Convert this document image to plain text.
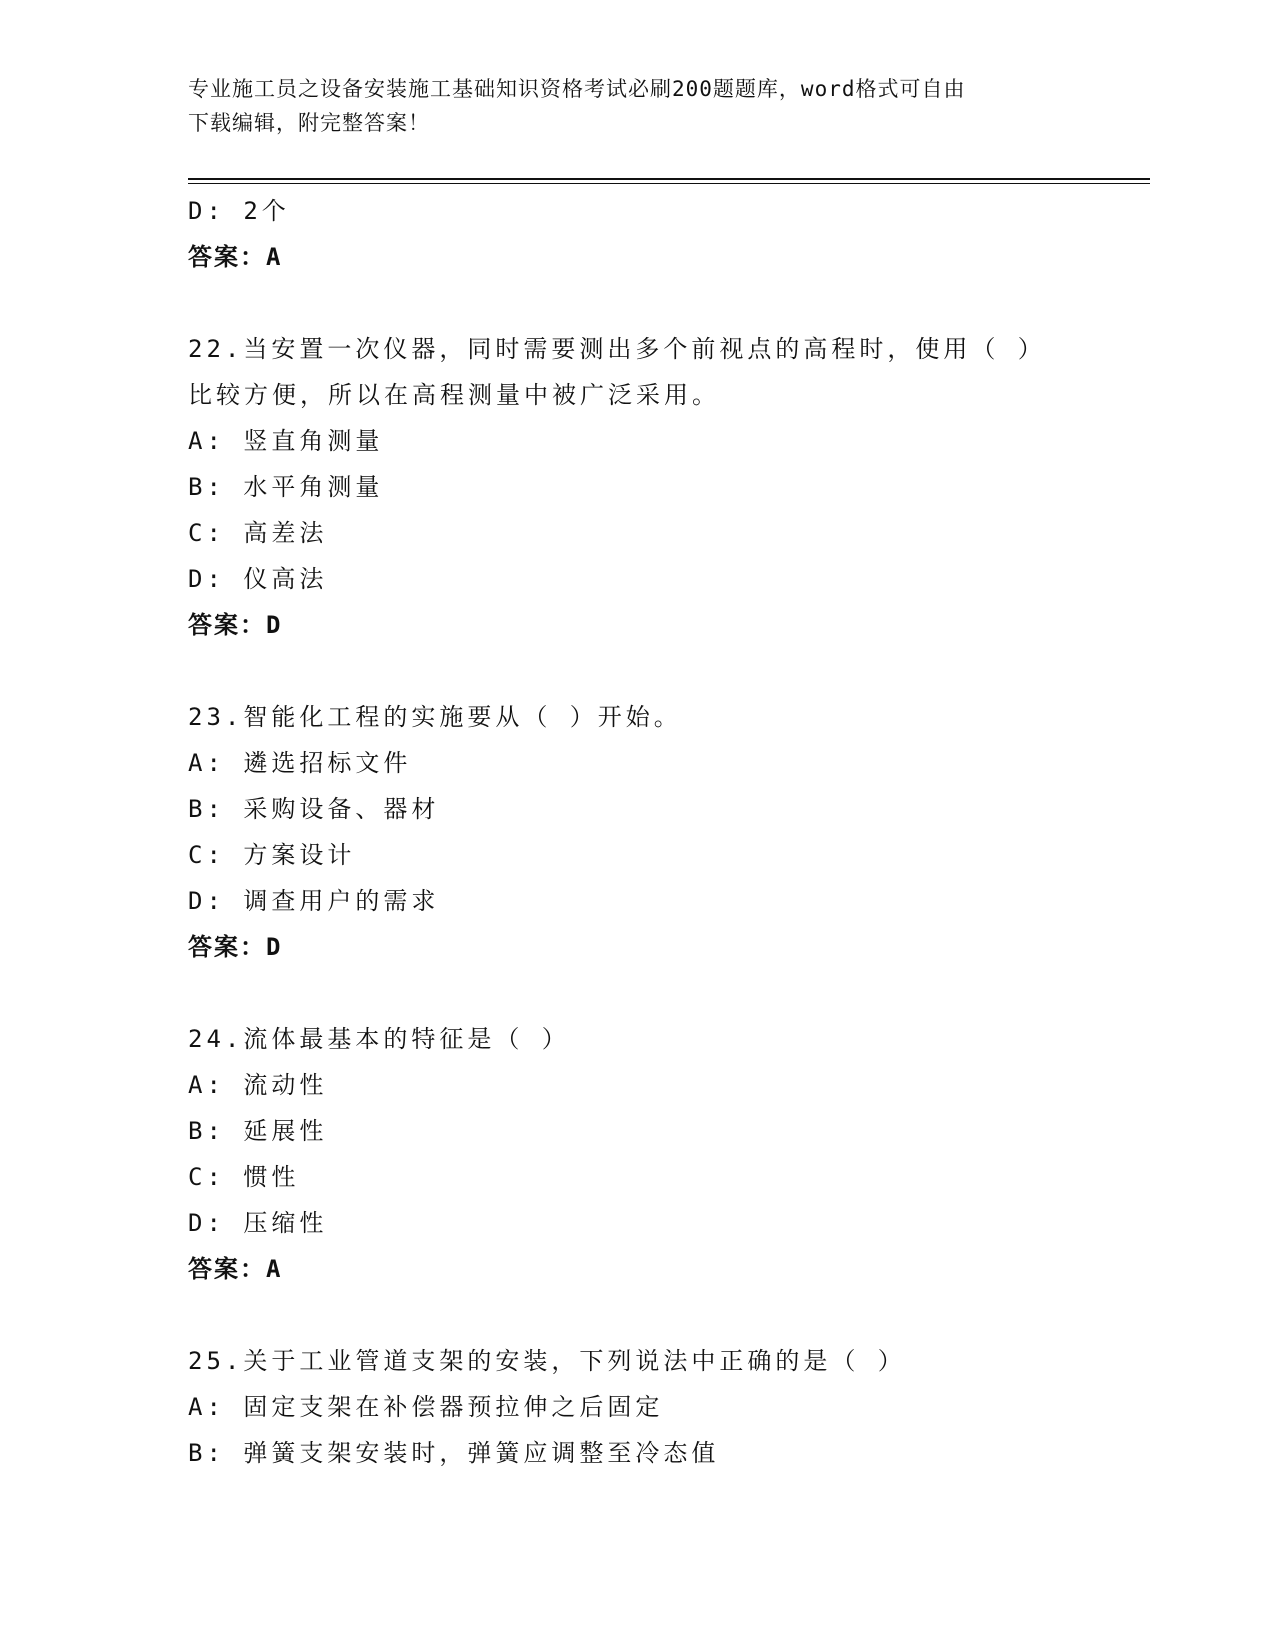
专业施工员之设备安装施工基础知识资格考试必刷200题题库，word格式可自由
下载编辑，附完整答案！
D: 2个
答案：A
22.当安置一次仪器，同时需要测出多个前视点的高程时，使用（ ）
比较方便，所以在高程测量中被广泛采用。
A: 竖直角测量
B: 水平角测量
C: 高差法
D: 仪高法
答案：D
23.智能化工程的实施要从（ ）开始。
A: 遴选招标文件
B: 采购设备、器材
C: 方案设计
D: 调查用户的需求
答案：D
24.流体最基本的特征是（ ）
A: 流动性
B: 延展性
C: 惯性
D: 压缩性
答案：A
25.关于工业管道支架的安装，下列说法中正确的是（ ）
A: 固定支架在补偿器预拉伸之后固定
B: 弹簧支架安装时，弹簧应调整至冷态值
